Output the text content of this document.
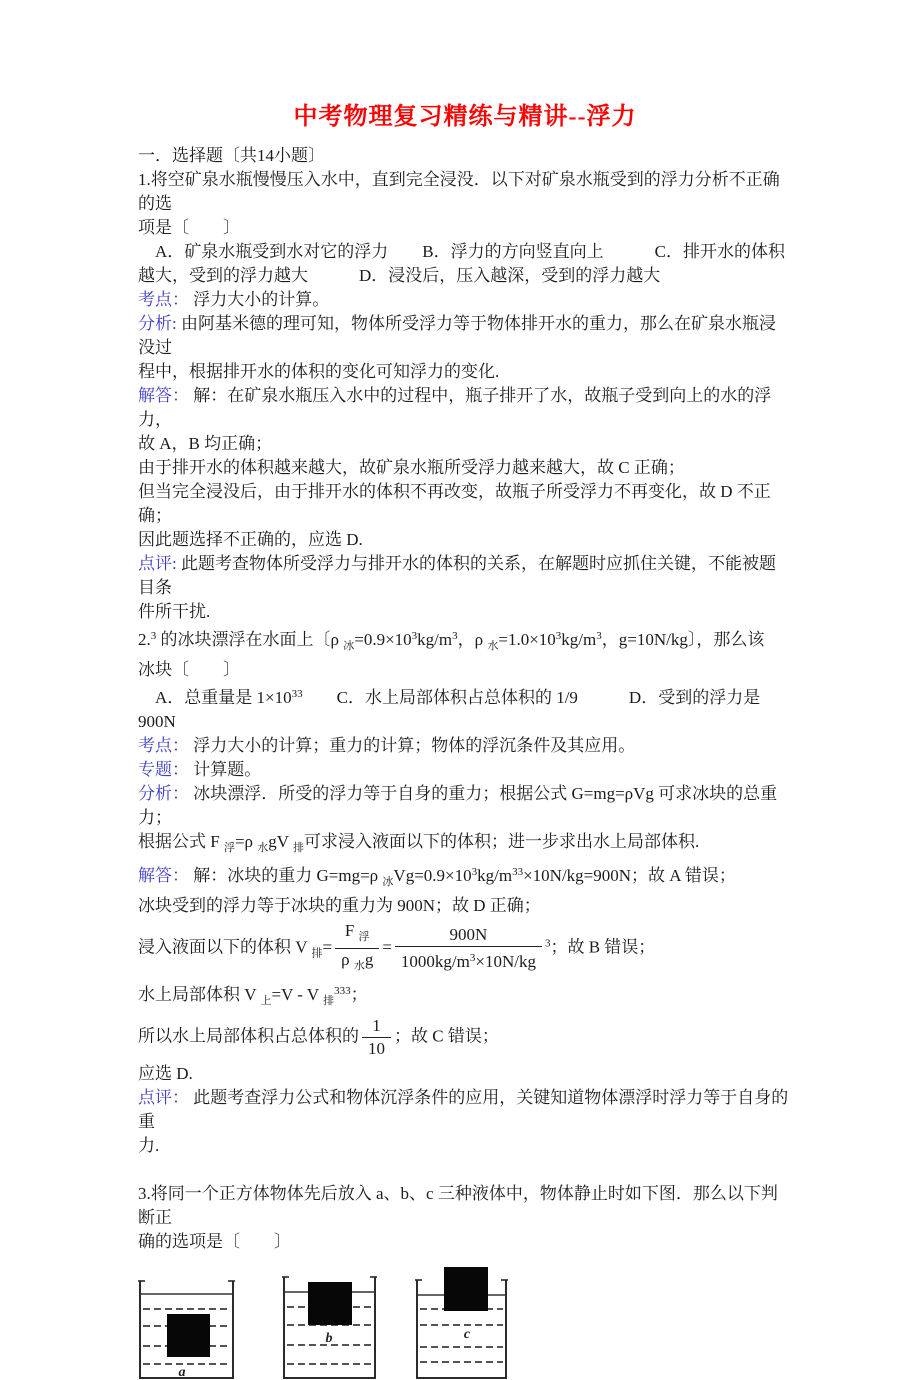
中考物理复习精练与精讲--浮力

一．选择题〔共14小题〕

1.将空矿泉水瓶慢慢压入水中，直到完全浸没．以下对矿泉水瓶受到的浮力分析不正确的选

项是〔　　〕

　A．矿泉水瓶受到水对它的浮力　　B．浮力的方向竖直向上　　　C．排开水的体积

越大，受到的浮力越大　　　D．浸没后，压入越深，受到的浮力越大

考点： 浮力大小的计算。

分析: 由阿基米德的理可知，物体所受浮力等于物体排开水的重力，那么在矿泉水瓶浸没过

程中，根据排开水的体积的变化可知浮力的变化.

解答： 解：在矿泉水瓶压入水中的过程中，瓶子排开了水，故瓶子受到向上的水的浮力，

故 A，B 均正确；

由于排开水的体积越来越大，故矿泉水瓶所受浮力越来越大，故 C 正确；

但当完全浸没后，由于排开水的体积不再改变，故瓶子所受浮力不再变化，故 D 不正确；

因此题选择不正确的，应选 D.

点评: 此题考查物体所受浮力与排开水的体积的关系，在解题时应抓住关键，不能被题目条

件所干扰.

2.$^3$ 的冰块漂浮在水面上〔ρ $_冰=0.9\times 10^3kg/m^3$，ρ $_水=1.0\times 10^3kg/m^3$，g=10N/kg〕，那么该

冰块〔　　〕

　A．总重量是 $1\times 10^{33}$　　C．水上局部体积占总体积的 1/9　　　D．受到的浮力是

900N

考点： 浮力大小的计算；重力的计算；物体的浮沉条件及其应用。

专题： 计算题。

分析： 冰块漂浮．所受的浮力等于自身的重力；根据公式 G=mg=ρVg 可求冰块的总重力；

根据公式 F $_浮$=ρ $_水$gV $_排$可求浸入液面以下的体积；进一步求出水上局部体积.

解答： 解：冰块的重力 G=mg=ρ $_冰Vg=0.9\times 10^3kg/m^{33}\times 10N/kg=900N$；故 A 错误；

冰块受到的浮力等于冰块的重力为 900N；故 D 正确；

浸入液面以下的体积 V $_排= \frac{F _浮}{\rho _水g} = \frac{900N}{1000kg/m^3\times 10N/kg} ^3$；故 B 错误；

水上局部体积 V $_上$=V - V $_排^{333}$；

所以水上局部体积占总体积的 $\frac{1}{10}$ ；故 C 错误；

应选 D.

点评： 此题考查浮力公式和物体沉浮条件的应用，关键知道物体漂浮时浮力等于自身的重

力.

3.将同一个正方体物体先后放入 a、b、c 三种液体中，物体静止时如下图．那么以下判断正

确的选项是〔　　〕

a
b	c
